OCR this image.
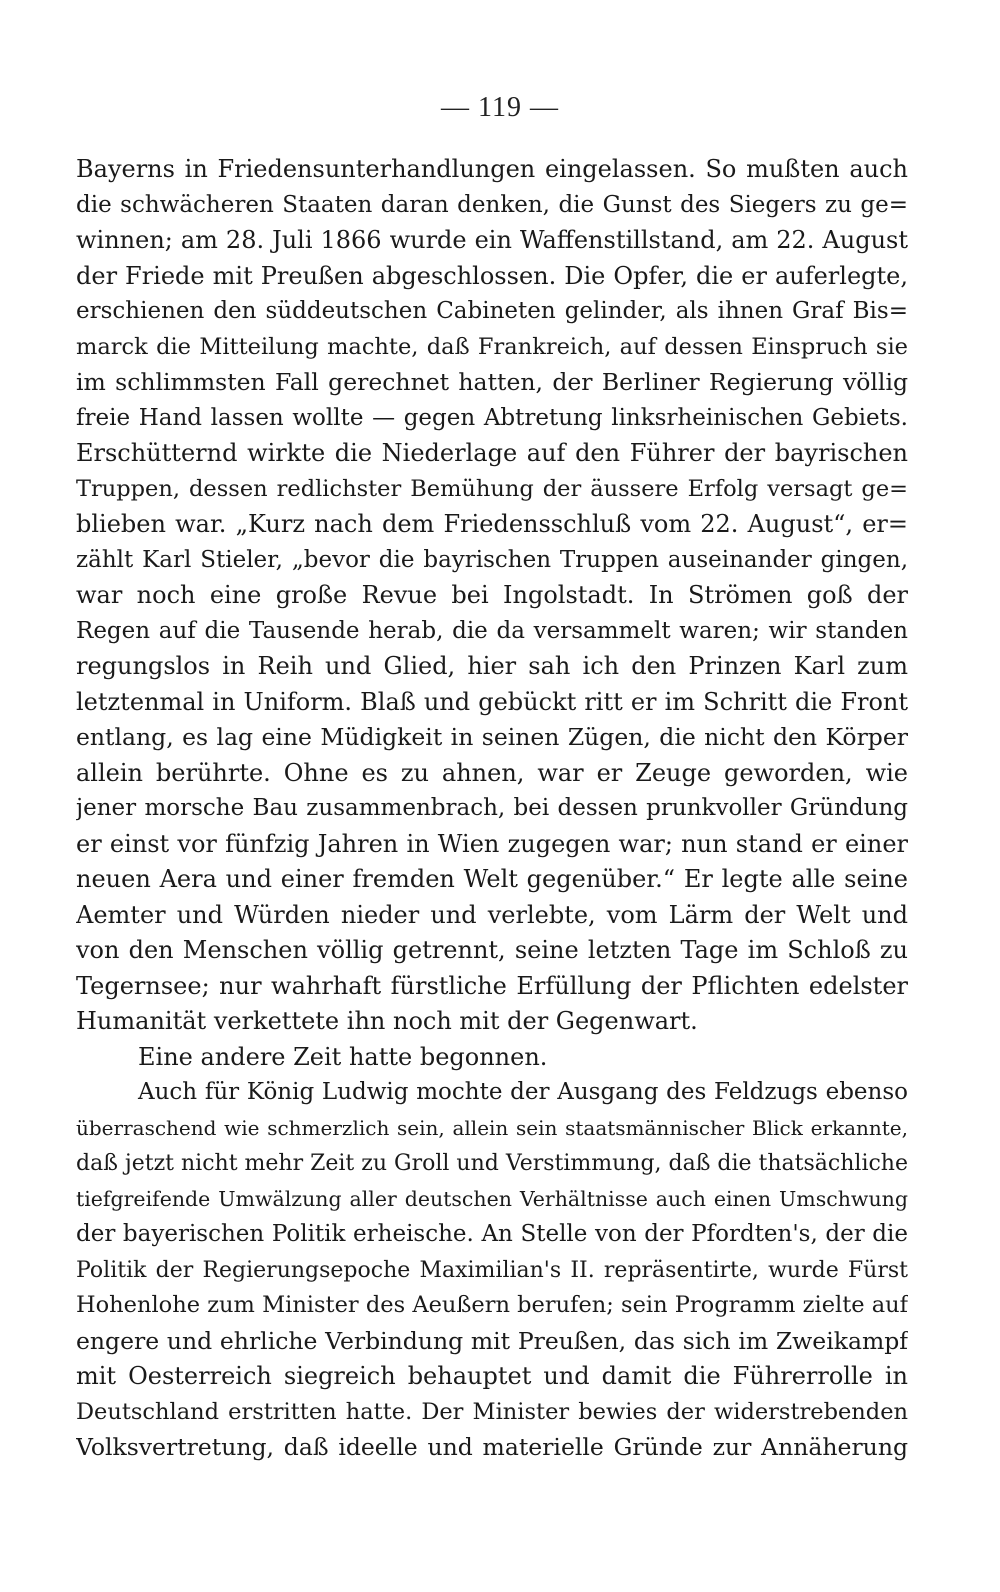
— 119 —
Bayerns in Friedensunterhandlungen eingelassen. So mußten auch
die schwächeren Staaten daran denken, die Gunst des Siegers zu ge=
winnen; am 28. Juli 1866 wurde ein Waffenstillstand, am 22. August
der Friede mit Preußen abgeschlossen. Die Opfer, die er auferlegte,
erschienen den süddeutschen Cabineten gelinder, als ihnen Graf Bis=
marck die Mitteilung machte, daß Frankreich, auf dessen Einspruch sie
im schlimmsten Fall gerechnet hatten, der Berliner Regierung völlig
freie Hand lassen wollte — gegen Abtretung linksrheinischen Gebiets.
Erschütternd wirkte die Niederlage auf den Führer der bayrischen
Truppen, dessen redlichster Bemühung der äussere Erfolg versagt ge=
blieben war. „Kurz nach dem Friedensschluß vom 22. August“, er=
zählt Karl Stieler, „bevor die bayrischen Truppen auseinander gingen,
war noch eine große Revue bei Ingolstadt. In Strömen goß der
Regen auf die Tausende herab, die da versammelt waren; wir standen
regungslos in Reih und Glied, hier sah ich den Prinzen Karl zum
letztenmal in Uniform. Blaß und gebückt ritt er im Schritt die Front
entlang, es lag eine Müdigkeit in seinen Zügen, die nicht den Körper
allein berührte. Ohne es zu ahnen, war er Zeuge geworden, wie
jener morsche Bau zusammenbrach, bei dessen prunkvoller Gründung
er einst vor fünfzig Jahren in Wien zugegen war; nun stand er einer
neuen Aera und einer fremden Welt gegenüber.“ Er legte alle seine
Aemter und Würden nieder und verlebte, vom Lärm der Welt und
von den Menschen völlig getrennt, seine letzten Tage im Schloß zu
Tegernsee; nur wahrhaft fürstliche Erfüllung der Pflichten edelster
Humanität verkettete ihn noch mit der Gegenwart.
Eine andere Zeit hatte begonnen.
Auch für König Ludwig mochte der Ausgang des Feldzugs ebenso
überraschend wie schmerzlich sein, allein sein staatsmännischer Blick erkannte,
daß jetzt nicht mehr Zeit zu Groll und Verstimmung, daß die thatsächliche
tiefgreifende Umwälzung aller deutschen Verhältnisse auch einen Umschwung
der bayerischen Politik erheische. An Stelle von der Pfordten's, der die
Politik der Regierungsepoche Maximilian's II. repräsentirte, wurde Fürst
Hohenlohe zum Minister des Aeußern berufen; sein Programm zielte auf
engere und ehrliche Verbindung mit Preußen, das sich im Zweikampf
mit Oesterreich siegreich behauptet und damit die Führerrolle in
Deutschland erstritten hatte. Der Minister bewies der widerstrebenden
Volksvertretung, daß ideelle und materielle Gründe zur Annäherung
